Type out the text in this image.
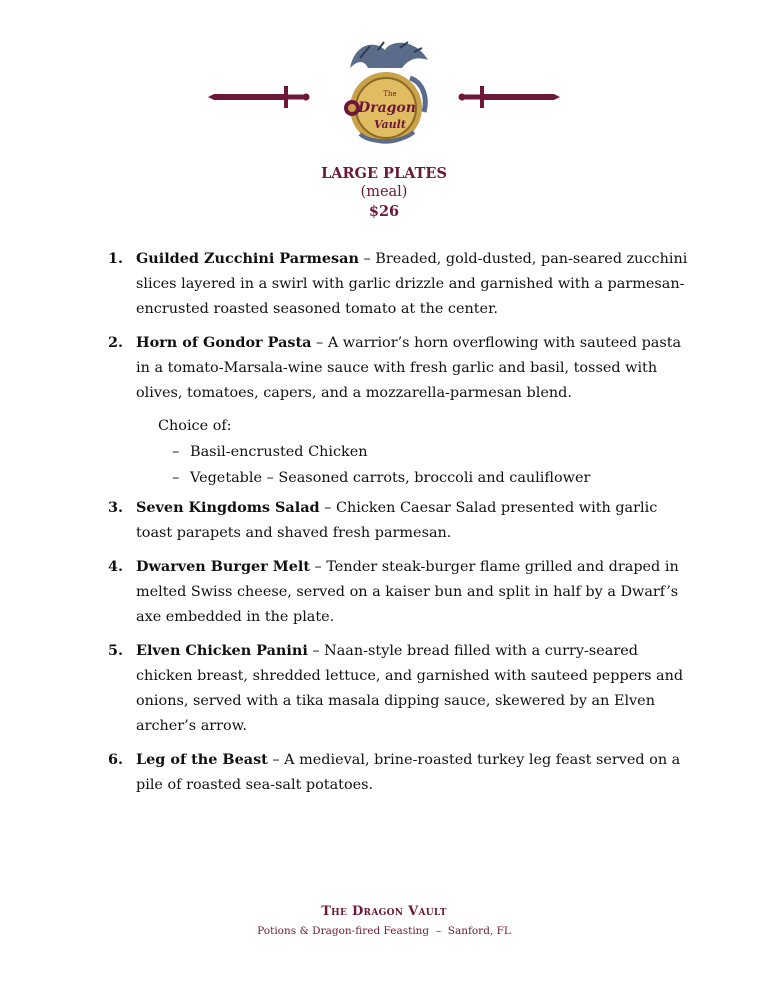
The
Dragon
Vault
LARGE PLATES
(meal)
$26
1. Guilded Zucchini Parmesan – Breaded, gold-dusted, pan-seared zucchini slices layered in a swirl with garlic drizzle and garnished with a parmesan-encrusted roasted seasoned tomato at the center.
2. Horn of Gondor Pasta – A warrior’s horn overflowing with sauteed pasta in a tomato-Marsala-wine sauce with fresh garlic and basil, tossed with olives, tomatoes, capers, and a mozzarella-parmesan blend.
Choice of:
– Basil-encrusted Chicken
– Vegetable – Seasoned carrots, broccoli and cauliflower
3. Seven Kingdoms Salad – Chicken Caesar Salad presented with garlic toast parapets and shaved fresh parmesan.
4. Dwarven Burger Melt – Tender steak-burger flame grilled and draped in melted Swiss cheese, served on a kaiser bun and split in half by a Dwarf’s axe embedded in the plate.
5. Elven Chicken Panini – Naan-style bread filled with a curry-seared chicken breast, shredded lettuce, and garnished with sauteed peppers and onions, served with a tika masala dipping sauce, skewered by an Elven archer’s arrow.
6. Leg of the Beast – A medieval, brine-roasted turkey leg feast served on a pile of roasted sea-salt potatoes.
The Dragon Vault
Potions & Dragon-fired Feasting  –  Sanford, FL
